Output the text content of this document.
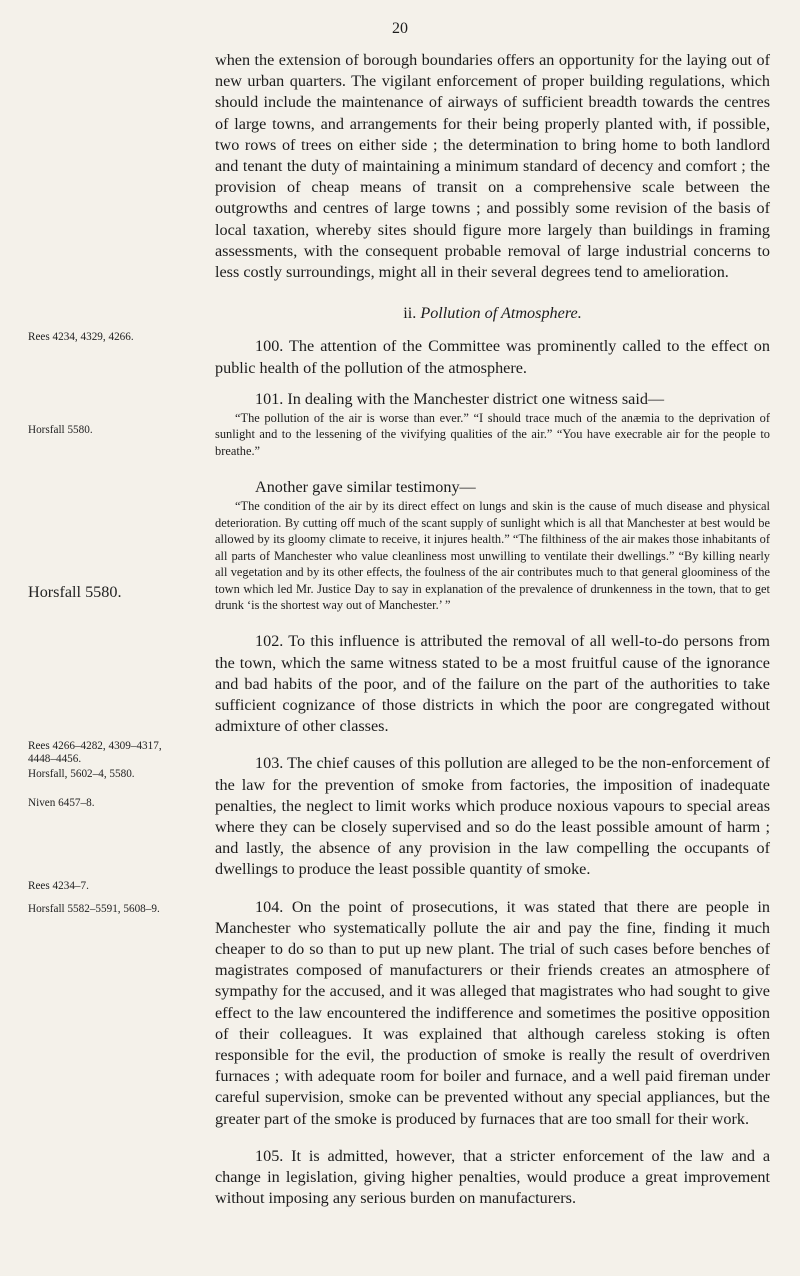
20

when the extension of borough boundaries offers an opportunity for the laying out of new urban quarters. The vigilant enforcement of proper building regulations, which should include the maintenance of airways of sufficient breadth towards the centres of large towns, and arrangements for their being properly planted with, if possible, two rows of trees on either side ; the determination to bring home to both landlord and tenant the duty of maintaining a minimum standard of decency and comfort ; the provision of cheap means of transit on a comprehensive scale between the outgrowths and centres of large towns ; and possibly some revision of the basis of local taxation, whereby sites should figure more largely than buildings in framing assessments, with the consequent probable removal of large industrial concerns to less costly surroundings, might all in their several degrees tend to amelioration.

ii. Pollution of Atmosphere.

100. The attention of the Committee was prominently called to the effect on public health of the pollution of the atmosphere.

101. In dealing with the Manchester district one witness said—

“The pollution of the air is worse than ever.” “I should trace much of the anæmia to the deprivation of sunlight and to the lessening of the vivifying qualities of the air.” “You have execrable air for the people to breathe.”

Another gave similar testimony—

“The condition of the air by its direct effect on lungs and skin is the cause of much disease and physical deterioration. By cutting off much of the scant supply of sunlight which is all that Manchester at best would be allowed by its gloomy climate to receive, it injures health.” “The filthiness of the air makes those inhabitants of all parts of Manchester who value cleanliness most unwilling to ventilate their dwellings.” “By killing nearly all vegetation and by its other effects, the foulness of the air contributes much to that general gloominess of the town which led Mr. Justice Day to say in explanation of the prevalence of drunkenness in the town, that to get drunk ‘is the shortest way out of Manchester.’ ”

102. To this influence is attributed the removal of all well-to-do persons from the town, which the same witness stated to be a most fruitful cause of the ignorance and bad habits of the poor, and of the failure on the part of the authorities to take sufficient cognizance of those districts in which the poor are congregated without admixture of other classes.

103. The chief causes of this pollution are alleged to be the non-enforcement of the law for the prevention of smoke from factories, the imposition of inadequate penalties, the neglect to limit works which produce noxious vapours to special areas where they can be closely supervised and so do the least possible amount of harm ; and lastly, the absence of any provision in the law compelling the occupants of dwellings to produce the least possible quantity of smoke.

104. On the point of prosecutions, it was stated that there are people in Manchester who systematically pollute the air and pay the fine, finding it much cheaper to do so than to put up new plant. The trial of such cases before benches of magistrates composed of manufacturers or their friends creates an atmosphere of sympathy for the accused, and it was alleged that magistrates who had sought to give effect to the law encountered the indifference and sometimes the positive opposition of their colleagues. It was explained that although careless stoking is often responsible for the evil, the production of smoke is really the result of overdriven furnaces ; with adequate room for boiler and furnace, and a well paid fireman under careful supervision, smoke can be prevented without any special appliances, but the greater part of the smoke is produced by furnaces that are too small for their work.

105. It is admitted, however, that a stricter enforcement of the law and a change in legislation, giving higher penalties, would produce a great improvement without imposing any serious burden on manufacturers.

Rees 4234, 4329, 4266.
Horsfall 5580.
Horsfall 5580.
Rees 4266–4282, 4309–4317, 4448–4456.
Horsfall, 5602–4, 5580.
Niven 6457–8.
Rees 4234–7.
Horsfall 5582–5591, 5608–9.
